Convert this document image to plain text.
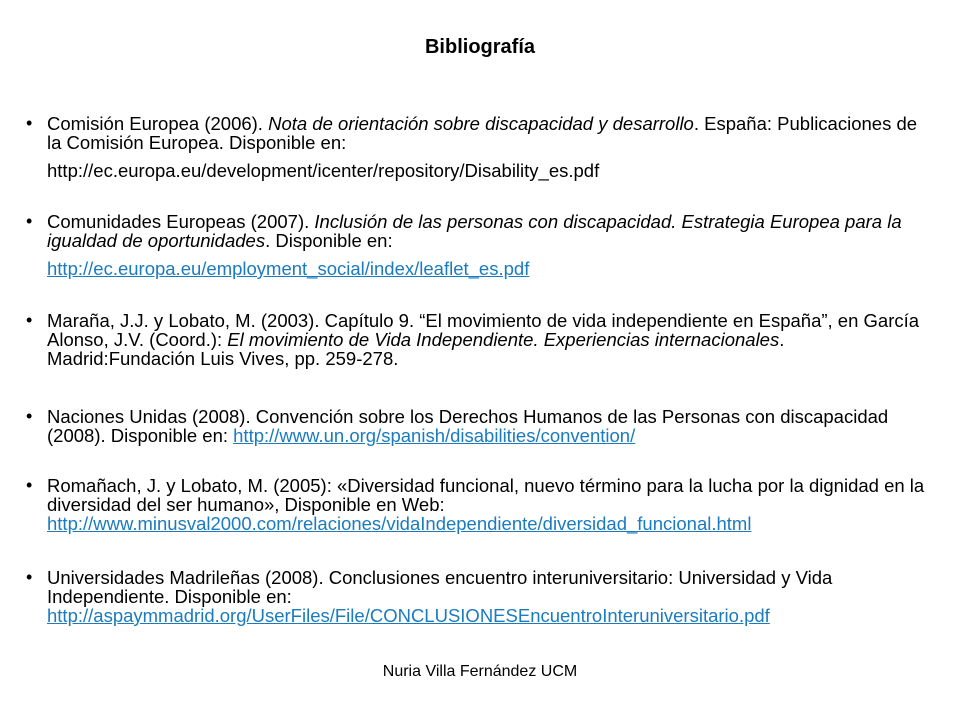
Bibliografía
• Comisión Europea (2006). Nota de orientación sobre discapacidad y desarrollo. España: Publicaciones de la Comisión Europea. Disponible en:
http://ec.europa.eu/development/icenter/repository/Disability_es.pdf
• Comunidades Europeas (2007). Inclusión de las personas con discapacidad. Estrategia Europea para la igualdad de oportunidades. Disponible en:
http://ec.europa.eu/employment_social/index/leaflet_es.pdf
• Maraña, J.J. y Lobato, M. (2003). Capítulo 9. “El movimiento de vida independiente en España”, en García Alonso, J.V. (Coord.): El movimiento de Vida Independiente. Experiencias internacionales. Madrid:Fundación Luis Vives, pp. 259-278.
• Naciones Unidas (2008). Convención sobre los Derechos Humanos de las Personas con discapacidad (2008). Disponible en: http://www.un.org/spanish/disabilities/convention/
• Romañach, J. y Lobato, M. (2005): «Diversidad funcional, nuevo término para la lucha por la dignidad en la diversidad del ser humano», Disponible en Web:
http://www.minusval2000.com/relaciones/vidaIndependiente/diversidad_funcional.html
• Universidades Madrileñas (2008). Conclusiones encuentro interuniversitario: Universidad y Vida Independiente. Disponible en:
http://aspaymmadrid.org/UserFiles/File/CONCLUSIONESEncuentroInteruniversitario.pdf
Nuria Villa Fernández UCM
